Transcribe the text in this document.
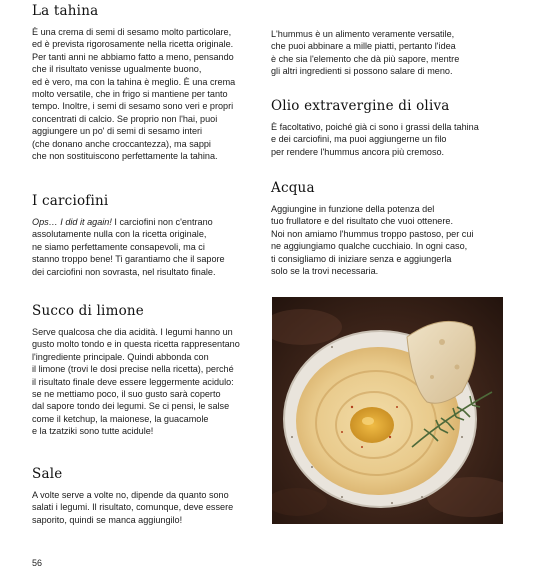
La tahina
È una crema di semi di sesamo molto particolare,
ed è prevista rigorosamente nella ricetta originale.
Per tanti anni ne abbiamo fatto a meno, pensando
che il risultato venisse ugualmente buono,
ed è vero, ma con la tahina è meglio. È una crema
molto versatile, che in frigo si mantiene per tanto
tempo. Inoltre, i semi di sesamo sono veri e propri
concentrati di calcio. Se proprio non l'hai, puoi
aggiungere un po' di semi di sesamo interi
(che donano anche croccantezza), ma sappi
che non sostituiscono perfettamente la tahina.
I carciofini
Ops… I did it again! I carciofini non c'entrano
assolutamente nulla con la ricetta originale,
ne siamo perfettamente consapevoli, ma ci
stanno troppo bene! Ti garantiamo che il sapore
dei carciofini non sovrasta, nel risultato finale.
Succo di limone
Serve qualcosa che dia acidità. I legumi hanno un
gusto molto tondo e in questa ricetta rappresentano
l'ingrediente principale. Quindi abbonda con
il limone (trovi le dosi precise nella ricetta), perché
il risultato finale deve essere leggermente acidulo:
se ne mettiamo poco, il suo gusto sarà coperto
dal sapore tondo dei legumi. Se ci pensi, le salse
come il ketchup, la maionese, la guacamole
e la tzatziki sono tutte acidule!
Sale
A volte serve a volte no, dipende da quanto sono
salati i legumi. Il risultato, comunque, deve essere
saporito, quindi se manca aggiungilo!
L'hummus è un alimento veramente versatile,
che puoi abbinare a mille piatti, pertanto l'idea
è che sia l'elemento che dà più sapore, mentre
gli altri ingredienti si possono salare di meno.
Olio extravergine di oliva
È facoltativo, poiché già ci sono i grassi della tahina
e dei carciofini, ma puoi aggiungerne un filo
per rendere l'hummus ancora più cremoso.
Acqua
Aggiungine in funzione della potenza del
tuo frullatore e del risultato che vuoi ottenere.
Noi non amiamo l'hummus troppo pastoso, per cui
ne aggiungiamo qualche cucchiaio. In ogni caso,
ti consigliamo di iniziare senza e aggiungerla
solo se la trovi necessaria.
56
